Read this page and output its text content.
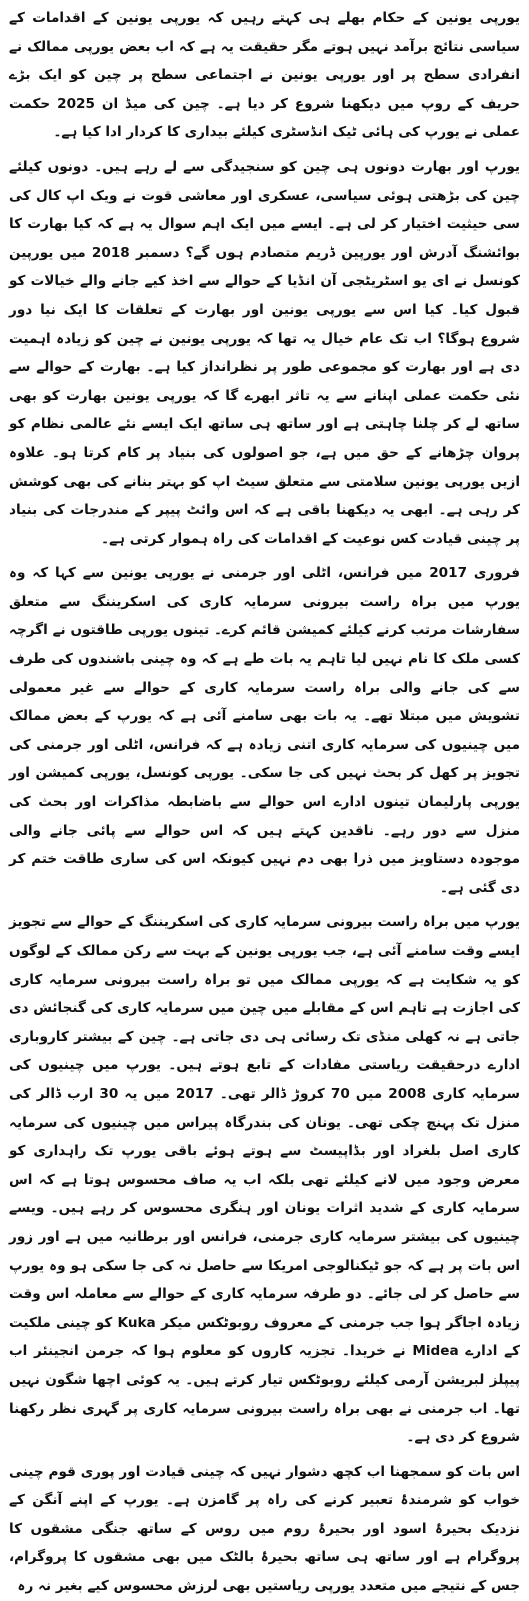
یورپی یونین کے حکام بھلے ہی کہتے رہیں کہ یورپی یونین کے اقدامات کے سیاسی نتائج برآمد نہیں ہوتے مگر حقیقت یہ ہے کہ اب بعض یورپی ممالک نے انفرادی سطح پر اور یورپی یونین نے اجتماعی سطح پر چین کو ایک بڑے حریف کے روپ میں دیکھنا شروع کر دیا ہے۔ چین کی میڈ ان 2025 حکمت عملی نے یورپ کی ہائی ٹیک انڈسٹری کیلئے بیداری کا کردار ادا کیا ہے۔

یورپ اور بھارت دونوں ہی چین کو سنجیدگی سے لے رہے ہیں۔ دونوں کیلئے چین کی بڑھتی ہوئی سیاسی، عسکری اور معاشی قوت نے ویک اپ کال کی سی حیثیت اختیار کر لی ہے۔ ایسے میں ایک اہم سوال یہ ہے کہ کیا بھارت کا بوائشنگ آدرش اور یورپین ڈریم متصادم ہوں گے؟ دسمبر 2018 میں یورپین کونسل نے ای یو اسٹریٹجی آن انڈیا کے حوالے سے اخذ کیے جانے والے خیالات کو قبول کیا۔ کیا اس سے یورپی یونین اور بھارت کے تعلقات کا ایک نیا دور شروع ہوگا؟ اب تک عام خیال یہ تھا کہ یورپی یونین نے چین کو زیادہ اہمیت دی ہے اور بھارت کو مجموعی طور پر نظرانداز کیا ہے۔ بھارت کے حوالے سے نئی حکمت عملی اپنانے سے یہ تاثر ابھرے گا کہ یورپی یونین بھارت کو بھی ساتھ لے کر چلنا چاہتی ہے اور ساتھ ہی ساتھ ایک ایسے نئے عالمی نظام کو پروان چڑھانے کے حق میں ہے، جو اصولوں کی بنیاد پر کام کرتا ہو۔ علاوہ ازیں یورپی یونین سلامتی سے متعلق سیٹ اپ کو بہتر بنانے کی بھی کوشش کر رہی ہے۔ ابھی یہ دیکھنا باقی ہے کہ اس وائٹ پیپر کے مندرجات کی بنیاد پر چینی قیادت کس نوعیت کے اقدامات کی راہ ہموار کرتی ہے۔

فروری 2017 میں فرانس، اٹلی اور جرمنی نے یورپی یونین سے کہا کہ وہ یورپ میں براہ راست بیرونی سرمایہ کاری کی اسکریننگ سے متعلق سفارشات مرتب کرنے کیلئے کمیشن قائم کرے۔ تینوں یورپی طاقتوں نے اگرچہ کسی ملک کا نام نہیں لیا تاہم یہ بات طے ہے کہ وہ چینی باشندوں کی طرف سے کی جانے والی براہ راست سرمایہ کاری کے حوالے سے غیر معمولی تشویش میں مبتلا تھے۔ یہ بات بھی سامنے آئی ہے کہ یورپ کے بعض ممالک میں چینیوں کی سرمایہ کاری اتنی زیادہ ہے کہ فرانس، اٹلی اور جرمنی کی تجویز پر کھل کر بحث نہیں کی جا سکی۔ یورپی کونسل، یورپی کمیشن اور یورپی پارلیمان تینوں ادارے اس حوالے سے باضابطہ مذاکرات اور بحث کی منزل سے دور رہے۔ ناقدین کہتے ہیں کہ اس حوالے سے پائی جانے والی موجودہ دستاویز میں ذرا بھی دم نہیں کیونکہ اس کی ساری طاقت ختم کر دی گئی ہے۔

یورپ میں براہ راست بیرونی سرمایہ کاری کی اسکریننگ کے حوالے سے تجویز ایسے وقت سامنے آئی ہے، جب یورپی یونین کے بہت سے رکن ممالک کے لوگوں کو یہ شکایت ہے کہ یورپی ممالک میں تو براہ راست بیرونی سرمایہ کاری کی اجازت ہے تاہم اس کے مقابلے میں چین میں سرمایہ کاری کی گنجائش دی جاتی ہے نہ کھلی منڈی تک رسائی ہی دی جاتی ہے۔ چین کے بیشتر کاروباری ادارے درحقیقت ریاستی مفادات کے تابع ہوتے ہیں۔ یورپ میں چینیوں کی سرمایہ کاری 2008 میں 70 کروڑ ڈالر تھی۔ 2017 میں یہ 30 ارب ڈالر کی منزل تک پہنچ چکی تھی۔ یونان کی بندرگاہ پیراس میں چینیوں کی سرمایہ کاری اصل بلغراد اور بڈاپیسٹ سے ہوتے ہوئے باقی یورپ تک راہداری کو معرض وجود میں لانے کیلئے تھی بلکہ اب یہ صاف محسوس ہوتا ہے کہ اس سرمایہ کاری کے شدید اثرات یونان اور ہنگری محسوس کر رہے ہیں۔ ویسے چینیوں کی بیشتر سرمایہ کاری جرمنی، فرانس اور برطانیہ میں ہے اور زور اس بات پر ہے کہ جو ٹیکنالوجی امریکا سے حاصل نہ کی جا سکی ہو وہ یورپ سے حاصل کر لی جائے۔ دو طرفہ سرمایہ کاری کے حوالے سے معاملہ اس وقت زیادہ اجاگر ہوا جب جرمنی کے معروف روبوٹکس میکر Kuka کو چینی ملکیت کے ادارے Midea نے خریدا۔ تجزیہ کاروں کو معلوم ہوا کہ جرمن انجینئر اب پیپلز لبریشن آرمی کیلئے روبوٹکس تیار کرتے ہیں۔ یہ کوئی اچھا شگون نہیں تھا۔ اب جرمنی نے بھی براہ راست بیرونی سرمایہ کاری پر گہری نظر رکھنا شروع کر دی ہے۔

اس بات کو سمجھنا اب کچھ دشوار نہیں کہ چینی قیادت اور پوری قوم چینی خواب کو شرمندۂ تعبیر کرنے کی راہ پر گامزن ہے۔ یورپ کے اپنے آنگن کے نزدیک بحیرۂ اسود اور بحیرۂ روم میں روس کے ساتھ جنگی مشقوں کا پروگرام ہے اور ساتھ ہی ساتھ بحیرۂ بالٹک میں بھی مشقوں کا پروگرام، جس کے نتیجے میں متعدد یورپی ریاستیں بھی لرزش محسوس کیے بغیر نہ رہ
